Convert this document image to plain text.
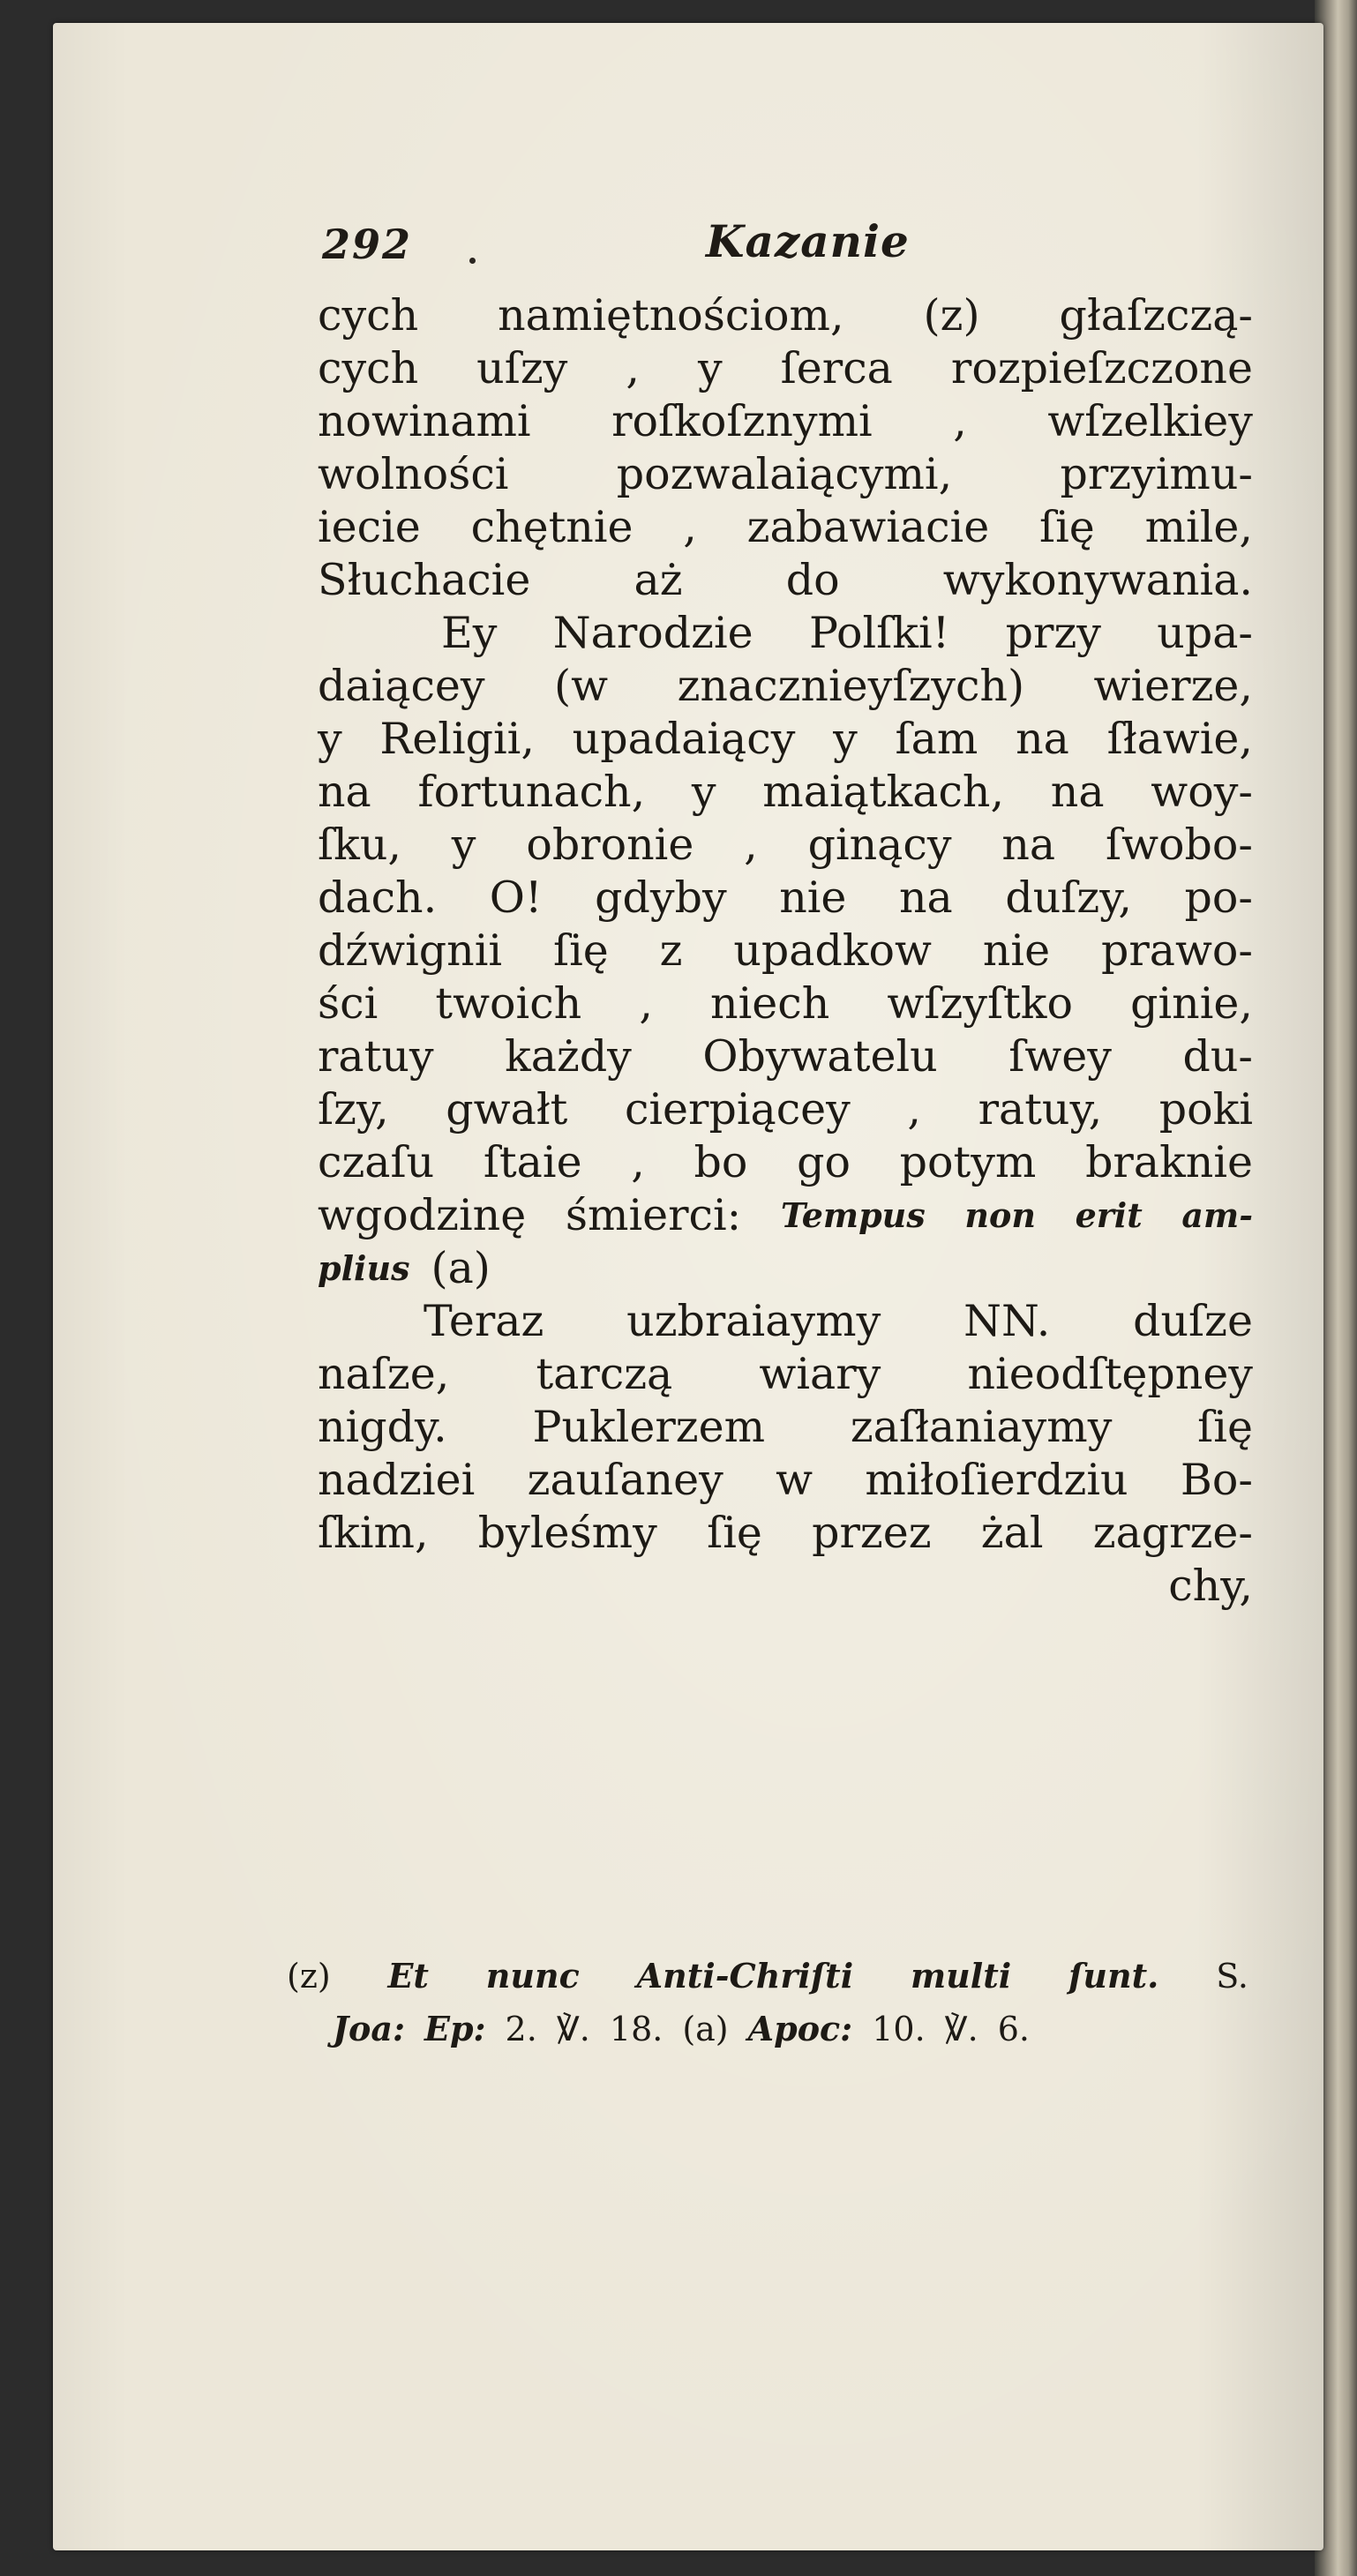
292	Kazanie
cych namiętnościom, (z) głaſzczą-
cych uſzy , y ſerca rozpieſzczone
nowinami roſkoſznymi , wſzelkiey
wolności pozwalaiącymi, przyimu-
iecie chętnie , zabawiacie ſię mile,
Słuchacie aż do wykonywania.
Ey Narodzie Polſki! przy upa-
daiącey (w znacznieyſzych) wierze,
y Religii, upadaiący y ſam na ſławie,
na fortunach, y maiątkach, na woy-
ſku, y obronie , ginący na ſwobo-
dach. O! gdyby nie na duſzy, po-
dźwignii ſię z upadkow nie prawo-
ści twoich , niech wſzyſtko ginie,
ratuy każdy Obywatelu ſwey du-
ſzy, gwałt cierpiącey , ratuy, poki
czaſu ſtaie , bo go potym braknie
wgodzinę śmierci: Tempus non erit am-
plius (a)
Teraz uzbraiaymy NN. duſze
naſze, tarczą wiary nieodſtępney
nigdy. Puklerzem zaſłaniaymy ſię
nadziei zauſaney w miłoſierdziu Bo-
ſkim, byleśmy ſię przez żal zagrze-
chy,
(z) Et nunc Anti-Chriſti multi ſunt. S.
Joa: Ep: 2. ℣. 18. (a) Apoc: 10. ℣. 6.
